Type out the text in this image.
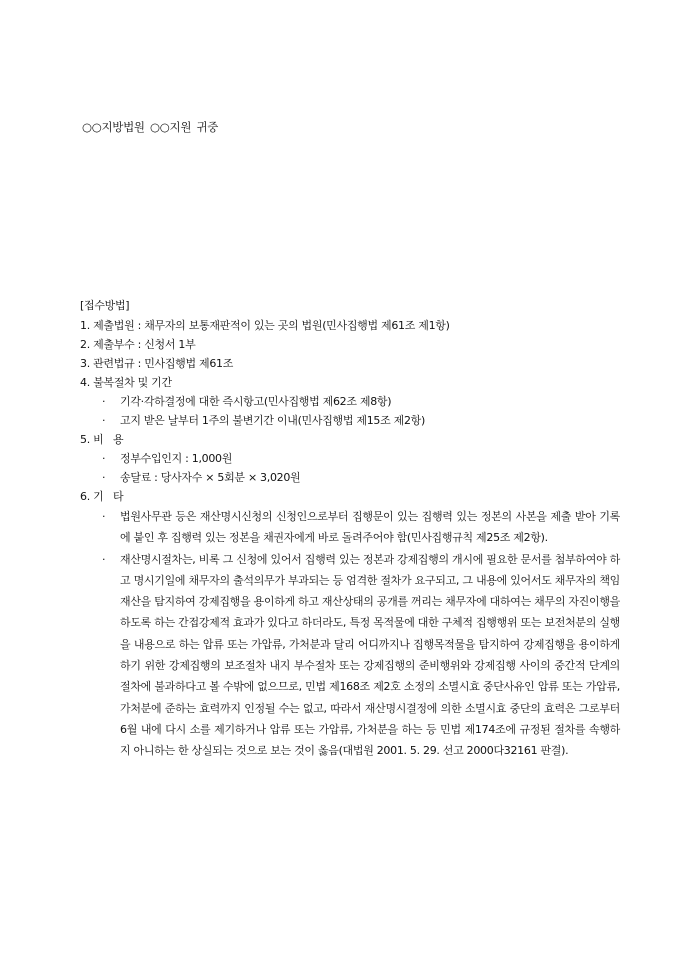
○○지방법원 ○○지원 귀중
[접수방법]
1. 제출법원 : 채무자의 보통재판적이 있는 곳의 법원(민사집행법 제61조 제1항)
2. 제출부수 : 신청서 1부
3. 관련법규 : 민사집행법 제61조
4. 불복절차 및 기간
· 기각·각하결정에 대한 즉시항고(민사집행법 제62조 제8항)
· 고지 받은 날부터 1주의 불변기간 이내(민사집행법 제15조 제2항)
5. 비   용
· 정부수입인지 : 1,000원
· 송달료 : 당사자수 × 5회분 × 3,020원
6. 기   타
· 법원사무관 등은 재산명시신청의 신청인으로부터 집행문이 있는 집행력 있는 정본의 사본을 제출 받아 기록에 붙인 후 집행력 있는 정본을 채권자에게 바로 돌려주어야 함(민사집행규칙 제25조 제2항).
· 재산명시절차는, 비록 그 신청에 있어서 집행력 있는 정본과 강제집행의 개시에 필요한 문서를 첨부하여야 하고 명시기일에 채무자의 출석의무가 부과되는 등 엄격한 절차가 요구되고, 그 내용에 있어서도 채무자의 책임재산을 탐지하여 강제집행을 용이하게 하고 재산상태의 공개를 꺼리는 채무자에 대하여는 채무의 자진이행을 하도록 하는 간접강제적 효과가 있다고 하더라도, 특정 목적물에 대한 구체적 집행행위 또는 보전처분의 실행을 내용으로 하는 압류 또는 가압류, 가처분과 달리 어디까지나 집행목적물을 탐지하여 강제집행을 용이하게 하기 위한 강제집행의 보조절차 내지 부수절차 또는 강제집행의 준비행위와 강제집행 사이의 중간적 단계의 절차에 불과하다고 볼 수밖에 없으므로, 민법 제168조 제2호 소정의 소멸시효 중단사유인 압류 또는 가압류, 가처분에 준하는 효력까지 인정될 수는 없고, 따라서 재산명시결정에 의한 소멸시효 중단의 효력은 그로부터 6월 내에 다시 소를 제기하거나 압류 또는 가압류, 가처분을 하는 등 민법 제174조에 규정된 절차를 속행하지 아니하는 한 상실되는 것으로 보는 것이 옳음(대법원 2001. 5. 29. 선고 2000다32161 판결).
